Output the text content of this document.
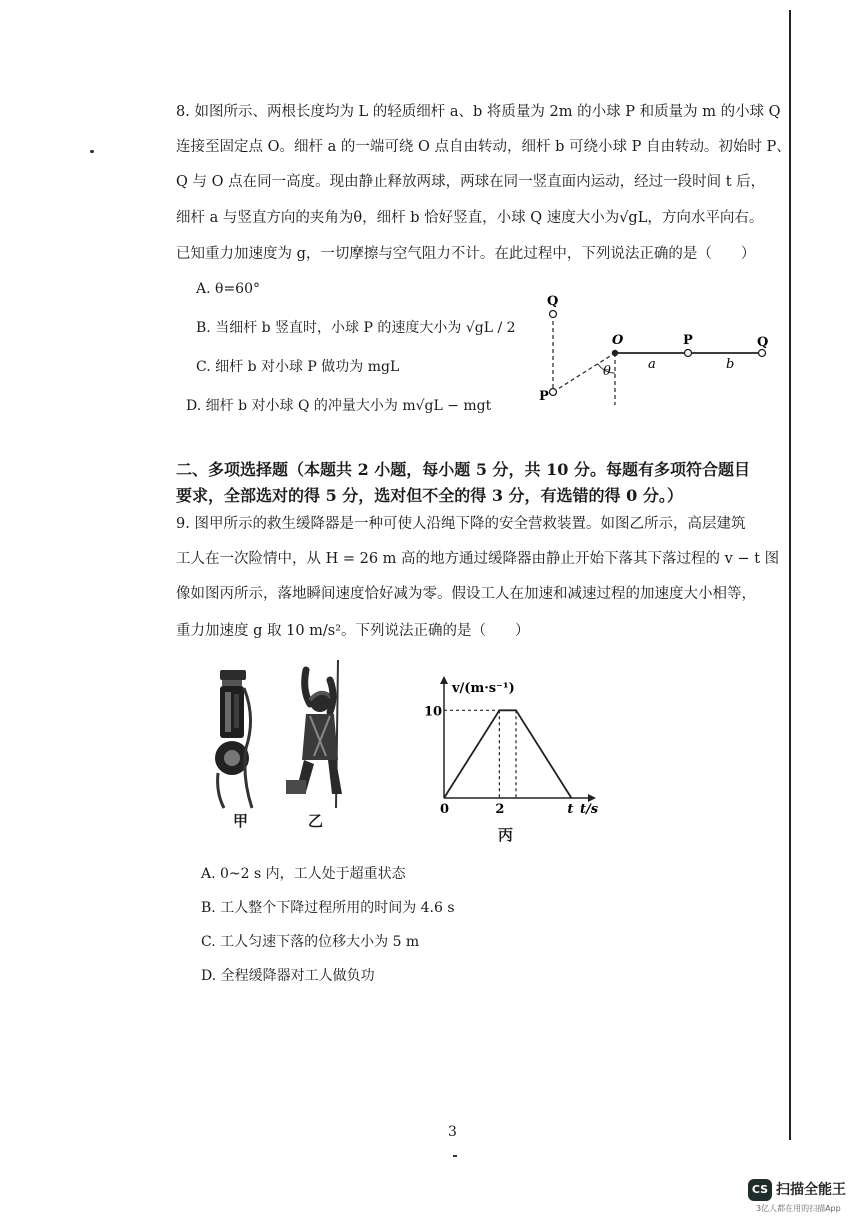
8. 如图所示、两根长度均为 L 的轻质细杆 a、b 将质量为 2m 的小球 P 和质量为 m 的小球 Q
连接至固定点 O。细杆 a 的一端可绕 O 点自由转动，细杆 b 可绕小球 P 自由转动。初始时 P、
Q 与 O 点在同一高度。现由静止释放两球，两球在同一竖直面内运动，经过一段时间 t 后，
细杆 a 与竖直方向的夹角为θ，细杆 b 恰好竖直，小球 Q 速度大小为√gL，方向水平向右。
已知重力加速度为 g，一切摩擦与空气阻力不计。在此过程中，下列说法正确的是（　　）
A. θ=60°
B. 当细杆 b 竖直时，小球 P 的速度大小为 √gL / 2
C. 细杆 b 对小球 P 做功为 mgL
D. 细杆 b 对小球 Q 的冲量大小为 m√gL − mgt
Q
P
O	P	Q
θ	a	b
二、多项选择题（本题共 2 小题，每小题 5 分，共 10 分。每题有多项符合题目
要求，全部选对的得 5 分，选对但不全的得 3 分，有选错的得 0 分。）
9. 图甲所示的救生缓降器是一种可使人沿绳下降的安全营救装置。如图乙所示，高层建筑
工人在一次险情中，从 H = 26 m 高的地方通过缓降器由静止开始下落其下落过程的 v − t 图
像如图丙所示，落地瞬间速度恰好减为零。假设工人在加速和减速过程的加速度大小相等，
重力加速度 g 取 10 m/s²。下列说法正确的是（　　）
甲	乙
v/(m·s⁻¹)
t/s
0	2	t
10
丙
A. 0~2 s 内，工人处于超重状态
B. 工人整个下降过程所用的时间为 4.6 s
C. 工人匀速下落的位移大小为 5 m
D. 全程缓降器对工人做负功
3
CS 扫描全能王
3亿人都在用的扫描App
